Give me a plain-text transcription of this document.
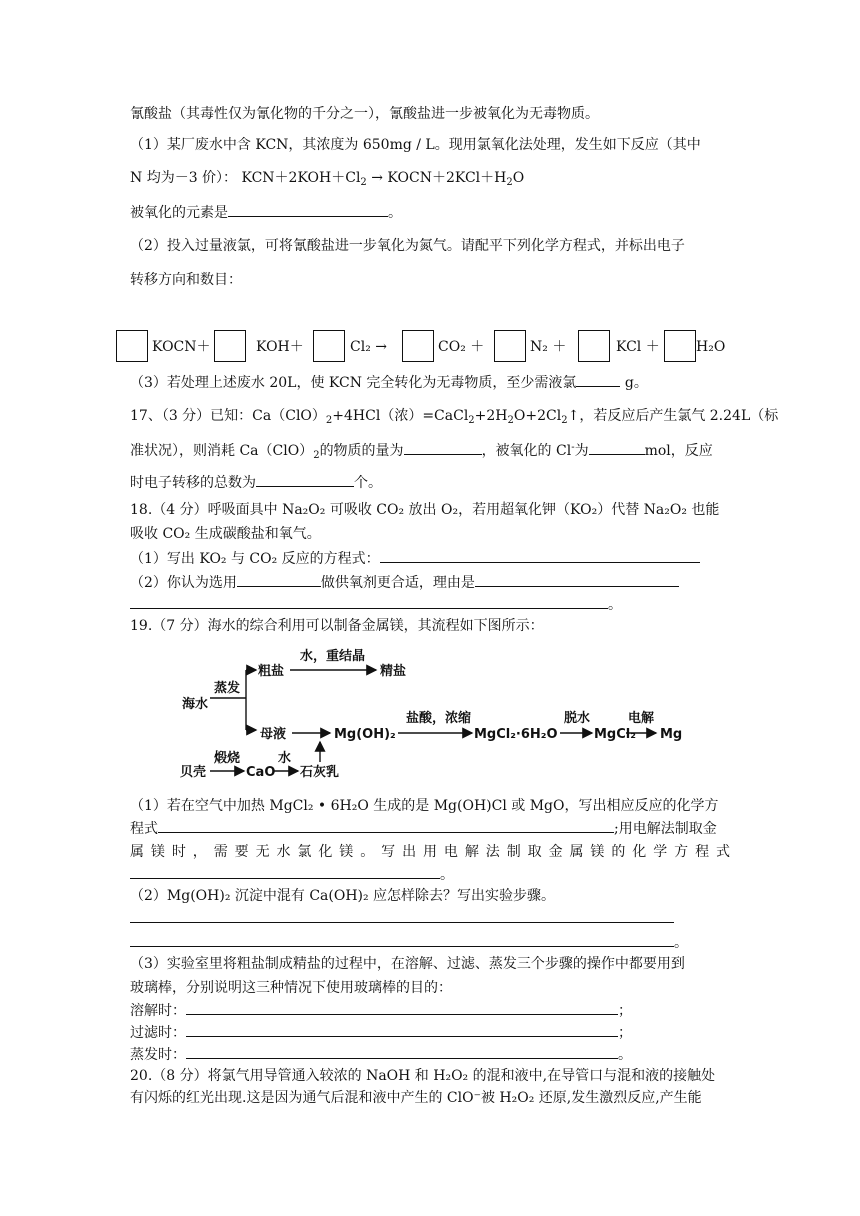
氰酸盐（其毒性仅为氰化物的千分之一），氰酸盐进一步被氧化为无毒物质。
（1）某厂废水中含 KCN，其浓度为 650mg / L。现用氯氧化法处理，发生如下反应（其中
N 均为－3 价）： $KCN+2KOH+Cl_2$ → $KOCN+2KCl+H_2O$
被氧化的元素是	。
（2）投入过量液氯，可将氰酸盐进一步氧化为氮气。请配平下列化学方程式，并标出电子
转移方向和数目：
KOCN＋	KOH＋	Cl₂ →	CO₂ ＋	N₂ ＋	KCl ＋	H₂O
（3）若处理上述废水 20L，使 KCN 完全转化为无毒物质，至少需液氯	g。
17、（3 分）已知：$Ca(ClO)_2+4HCl$（浓）$=CaCl_2+2H_2O+2Cl_2↑$，若反应后产生氯气 2.24L（标
准状况），则消耗 $Ca(ClO)_2$的物质的量为	，被氧化的 Cl-为	mol，反应
时电子转移的总数为	个。
18.（4 分）呼吸面具中 Na₂O₂ 可吸收 CO₂ 放出 O₂，若用超氧化钾（KO₂）代替 Na₂O₂ 也能
吸收 CO₂ 生成碳酸盐和氧气。
（1）写出 KO₂ 与 CO₂ 反应的方程式：
（2）你认为选用	做供氧剂更合适，理由是
。
19.（7 分）海水的综合利用可以制备金属镁，其流程如下图所示：
海水
蒸发
粗盐
水，重结晶
精盐
母液	Mg(OH)₂
盐酸，浓缩
MgCl₂·6H₂O
脱水
MgCl₂
电解
Mg
贝壳
煅烧
CaO
水
石灰乳
（1）若在空气中加热 MgCl₂ • 6H₂O 生成的是 Mg(OH)Cl 或 MgO，写出相应反应的化学方
程式	;用电解法制取金
属 镁 时 ， 需 要 无 水 氯 化 镁 。 写 出 用 电 解 法 制 取 金 属 镁 的 化 学 方 程 式
。
（2）Mg(OH)₂ 沉淀中混有 Ca(OH)₂ 应怎样除去？写出实验步骤。
。
（3）实验室里将粗盐制成精盐的过程中，在溶解、过滤、蒸发三个步骤的操作中都要用到
玻璃棒，分别说明这三种情况下使用玻璃棒的目的：
溶解时：	；
过滤时：	；
蒸发时：	。
20.（8 分）将氯气用导管通入较浓的 NaOH 和 H₂O₂ 的混和液中,在导管口与混和液的接触处
有闪烁的红光出现.这是因为通气后混和液中产生的 ClO⁻被 H₂O₂ 还原,发生激烈反应,产生能
